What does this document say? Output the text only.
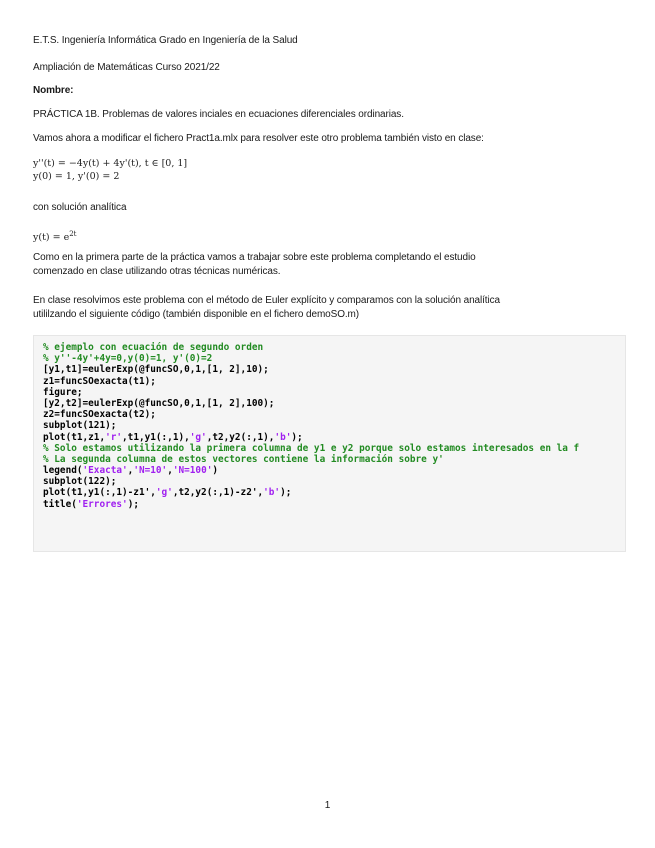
E.T.S. Ingeniería Informática Grado en Ingeniería de la Salud
Ampliación de Matemáticas Curso 2021/22
Nombre:
PRÁCTICA 1B. Problemas de valores inciales en ecuaciones diferenciales ordinarias.
Vamos ahora a modificar el fichero Pract1a.mlx para resolver este otro problema también visto en clase:
y''(t) = −4y(t) + 4y'(t), t ∈ [0, 1]
y(0) = 1, y'(0) = 2
con solución analítica
$y(t) = e^{2t}$
Como en la primera parte de la práctica vamos a trabajar sobre este problema completando el estudio
comenzado en clase utilizando otras técnicas numéricas.
En clase resolvimos este problema con el método de Euler explícito y comparamos con la solución analítica
utililzando el siguiente código (también disponible en el fichero demoSO.m)
% ejemplo con ecuación de segundo orden
% y''-4y'+4y=0,y(0)=1, y'(0)=2
[y1,t1]=eulerExp(@funcSO,0,1,[1, 2],10);
z1=funcSOexacta(t1);
figure;
[y2,t2]=eulerExp(@funcSO,0,1,[1, 2],100);
z2=funcSOexacta(t2);
subplot(121);
plot(t1,z1,'r',t1,y1(:,1),'g',t2,y2(:,1),'b');
% Solo estamos utilizando la primera columna de y1 e y2 porque solo estamos interesados en la f
% La segunda columna de estos vectores contiene la información sobre y'
legend('Exacta','N=10','N=100')
subplot(122);
plot(t1,y1(:,1)-z1','g',t2,y2(:,1)-z2','b');
title('Errores');
1
